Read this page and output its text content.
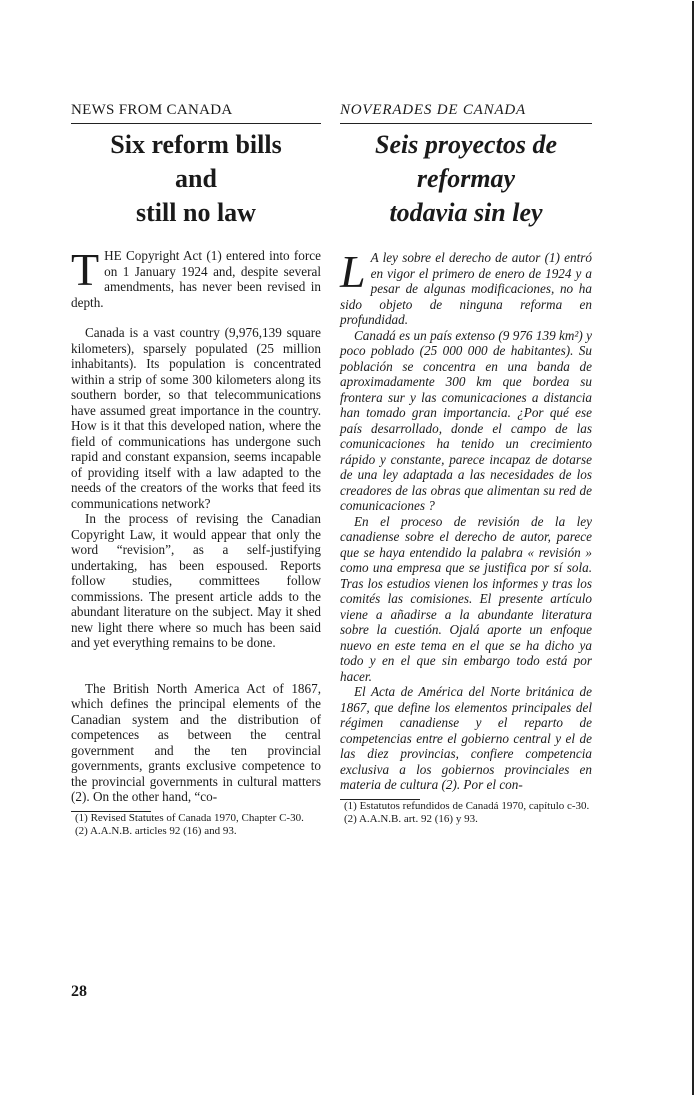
NEWS FROM CANADA
Six reform bills
and
still no law

T HE Copyright Act (1) entered into force on 1 January 1924 and, despite several amendments, has never been revised in depth.

Canada is a vast country (9,976,139 square kilometers), sparsely populated (25 million inhabitants). Its population is concentrated within a strip of some 300 kilometers along its southern border, so that telecommunications have assumed great importance in the country. How is it that this developed nation, where the field of communications has undergone such rapid and constant expansion, seems incapable of providing itself with a law adapted to the needs of the creators of the works that feed its communications network?

In the process of revising the Canadian Copyright Law, it would appear that only the word “revision”, as a self-justifying undertaking, has been espoused. Reports follow studies, committees follow commissions. The present article adds to the abundant literature on the subject. May it shed new light there where so much has been said and yet everything remains to be done.

The British North America Act of 1867, which defines the principal elements of the Canadian system and the distribution of competences as between the central government and the ten provincial governments, grants exclusive competence to the provincial governments in cultural matters (2). On the other hand, “co-

(1) Revised Statutes of Canada 1970, Chapter C-30.
(2) A.A.N.B. articles 92 (16) and 93.
NOVERADES DE CANADA
Seis proyectos de
reformay
todavia sin ley

L A ley sobre el derecho de autor (1) entró en vigor el primero de enero de 1924 y a pesar de algunas modificaciones, no ha sido objeto de ninguna reforma en profundidad.

Canadá es un país extenso (9 976 139 km²) y poco poblado (25 000 000 de habitantes). Su población se concentra en una banda de aproximadamente 300 km que bordea su frontera sur y las comunicaciones a distancia han tomado gran importancia. ¿Por qué ese país desarrollado, donde el campo de las comunicaciones ha tenido un crecimiento rápido y constante, parece incapaz de dotarse de una ley adaptada a las necesidades de los creadores de las obras que alimentan su red de comunicaciones ?

En el proceso de revisión de la ley canadiense sobre el derecho de autor, parece que se haya entendido la palabra « revisión » como una empresa que se justifica por sí sola. Tras los estudios vienen los informes y tras los comités las comisiones. El presente artículo viene a añadirse a la abundante literatura sobre la cuestión. Ojalá aporte un enfoque nuevo en este tema en el que se ha dicho ya todo y en el que sin embargo todo está por hacer.

El Acta de América del Norte británica de 1867, que define los elementos principales del régimen canadiense y el reparto de competencias entre el gobierno central y el de las diez provincias, confiere competencia exclusiva a los gobiernos provinciales en materia de cultura (2). Por el con-

(1) Estatutos refundidos de Canadá 1970, capítulo c-30.
(2) A.A.N.B. art. 92 (16) y 93.
28
